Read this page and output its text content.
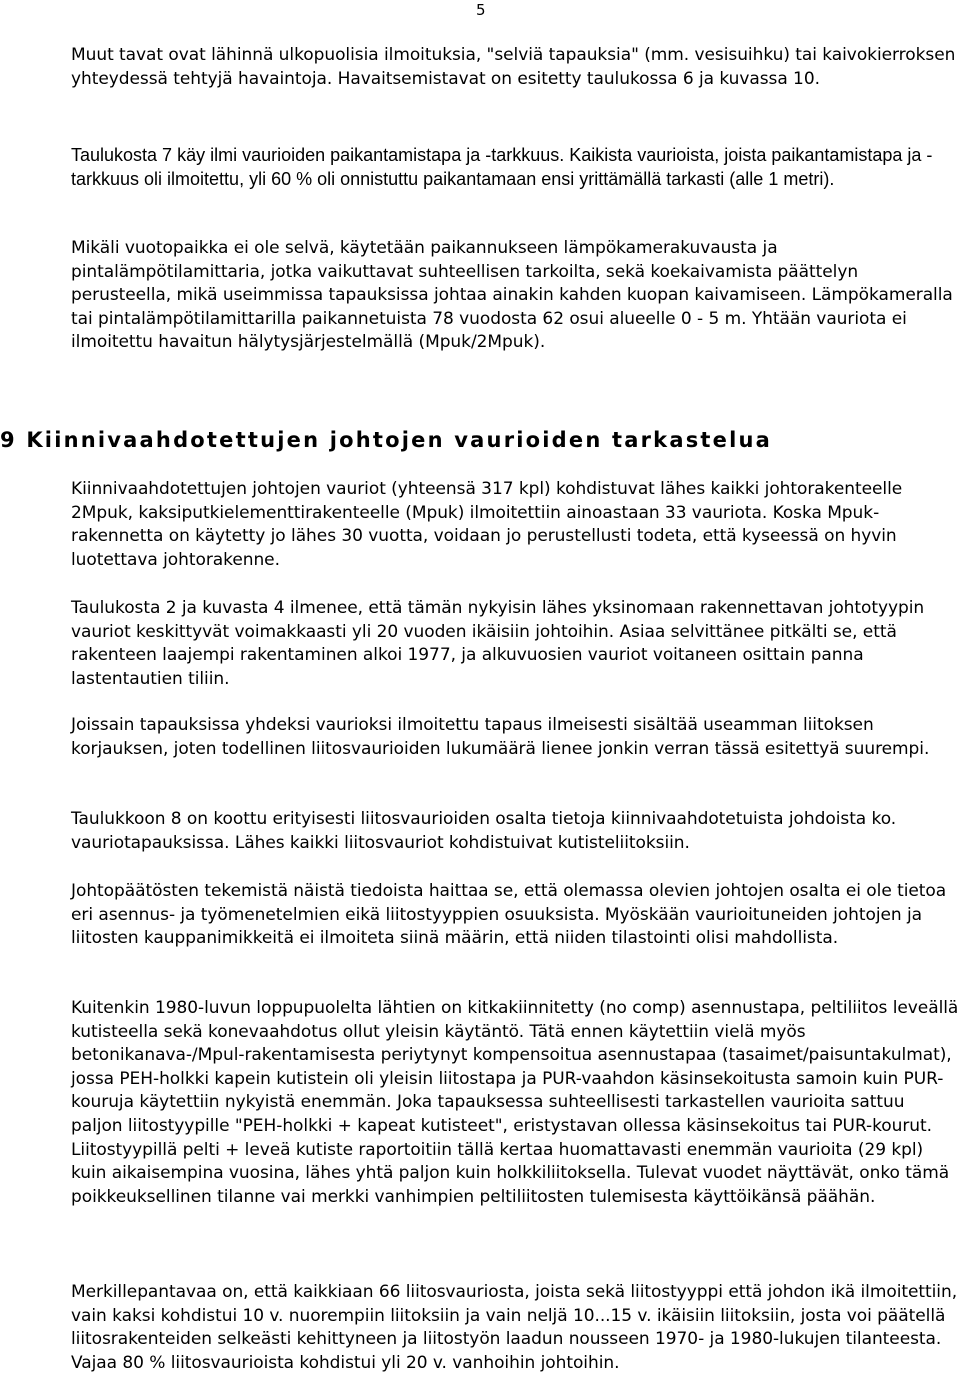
5

Muut tavat ovat lähinnä ulkopuolisia ilmoituksia, "selviä tapauksia" (mm. vesisuihku) tai kaivokierroksen yhteydessä tehtyjä havaintoja. Havaitsemistavat on esitetty taulukossa 6 ja kuvassa 10.

Taulukosta 7 käy ilmi vaurioiden paikantamistapa ja -tarkkuus. Kaikista vaurioista, joista paikantamistapa ja -tarkkuus oli ilmoitettu, yli 60 % oli onnistuttu paikantamaan ensi yrittämällä tarkasti (alle 1 metri).

Mikäli vuotopaikka ei ole selvä, käytetään paikannukseen lämpökamerakuvausta ja pintalämpötilamittaria, jotka vaikuttavat suhteellisen tarkoilta, sekä koekaivamista päättelyn perusteella, mikä useimmissa tapauksissa johtaa ainakin kahden kuopan kaivamiseen. Lämpökameralla tai pintalämpötilamittarilla paikannetuista 78 vuodosta 62 osui alueelle 0 - 5 m. Yhtään vauriota ei ilmoitettu havaitun hälytysjärjestelmällä (Mpuk/2Mpuk).

9 Kiinnivaahdotettujen johtojen vaurioiden tarkastelua

Kiinnivaahdotettujen johtojen vauriot (yhteensä 317 kpl) kohdistuvat lähes kaikki johtorakenteelle 2Mpuk, kaksiputkielementtirakenteelle (Mpuk) ilmoitettiin ainoastaan 33 vauriota. Koska Mpuk-rakennetta on käytetty jo lähes 30 vuotta, voidaan jo perustellusti todeta, että kyseessä on hyvin luotettava johtorakenne.

Taulukosta 2 ja kuvasta 4 ilmenee, että tämän nykyisin lähes yksinomaan rakennettavan johtotyypin vauriot keskittyvät voimakkaasti yli 20 vuoden ikäisiin johtoihin. Asiaa selvittänee pitkälti se, että rakenteen laajempi rakentaminen alkoi 1977, ja alkuvuosien vauriot voitaneen osittain panna lastentautien tiliin.

Joissain tapauksissa yhdeksi vaurioksi ilmoitettu tapaus ilmeisesti sisältää useamman liitoksen korjauksen, joten todellinen liitosvaurioiden lukumäärä lienee jonkin verran tässä esitettyä suurempi.

Taulukkoon 8 on koottu erityisesti liitosvaurioiden osalta tietoja kiinnivaahdotetuista johdoista ko. vauriotapauksissa. Lähes kaikki liitosvauriot kohdistuivat kutisteliitoksiin.

Johtopäätösten tekemistä näistä tiedoista haittaa se, että olemassa olevien johtojen osalta ei ole tietoa eri asennus- ja työmenetelmien eikä liitostyyppien osuuksista. Myöskään vaurioituneiden johtojen ja liitosten kauppanimikkeitä ei ilmoiteta siinä määrin, että niiden tilastointi olisi mahdollista.

Kuitenkin 1980-luvun loppupuolelta lähtien on kitkakiinnitetty (no comp) asennustapa, peltiliitos leveällä kutisteella sekä konevaahdotus ollut yleisin käytäntö. Tätä ennen käytettiin vielä myös betonikanava-/Mpul-rakentamisesta periytynyt kompensoitua asennustapaa (tasaimet/paisuntakulmat), jossa PEH-holkki kapein kutistein oli yleisin liitostapa ja PUR-vaahdon käsinsekoitusta samoin kuin PUR-kouruja käytettiin nykyistä enemmän. Joka tapauksessa suhteellisesti tarkastellen vaurioita sattuu paljon liitostyypille "PEH-holkki + kapeat kutisteet", eristystavan ollessa käsinsekoitus tai PUR-kourut. Liitostyypillä pelti + leveä kutiste raportoitiin tällä kertaa huomattavasti enemmän vaurioita (29 kpl) kuin aikaisempina vuosina, lähes yhtä paljon kuin holkkiliitoksella. Tulevat vuodet näyttävät, onko tämä poikkeuksellinen tilanne vai merkki vanhimpien peltiliitosten tulemisesta käyttöikänsä päähän.

Merkillepantavaa on, että kaikkiaan 66 liitosvauriosta, joista sekä liitostyyppi että johdon ikä ilmoitettiin, vain kaksi kohdistui 10 v. nuorempiin liitoksiin ja vain neljä 10...15 v. ikäisiin liitoksiin, josta voi päätellä liitosrakenteiden selkeästi kehittyneen ja liitostyön laadun nousseen 1970- ja 1980-lukujen tilanteesta. Vajaa 80 % liitosvaurioista kohdistui yli 20 v. vanhoihin johtoihin.
